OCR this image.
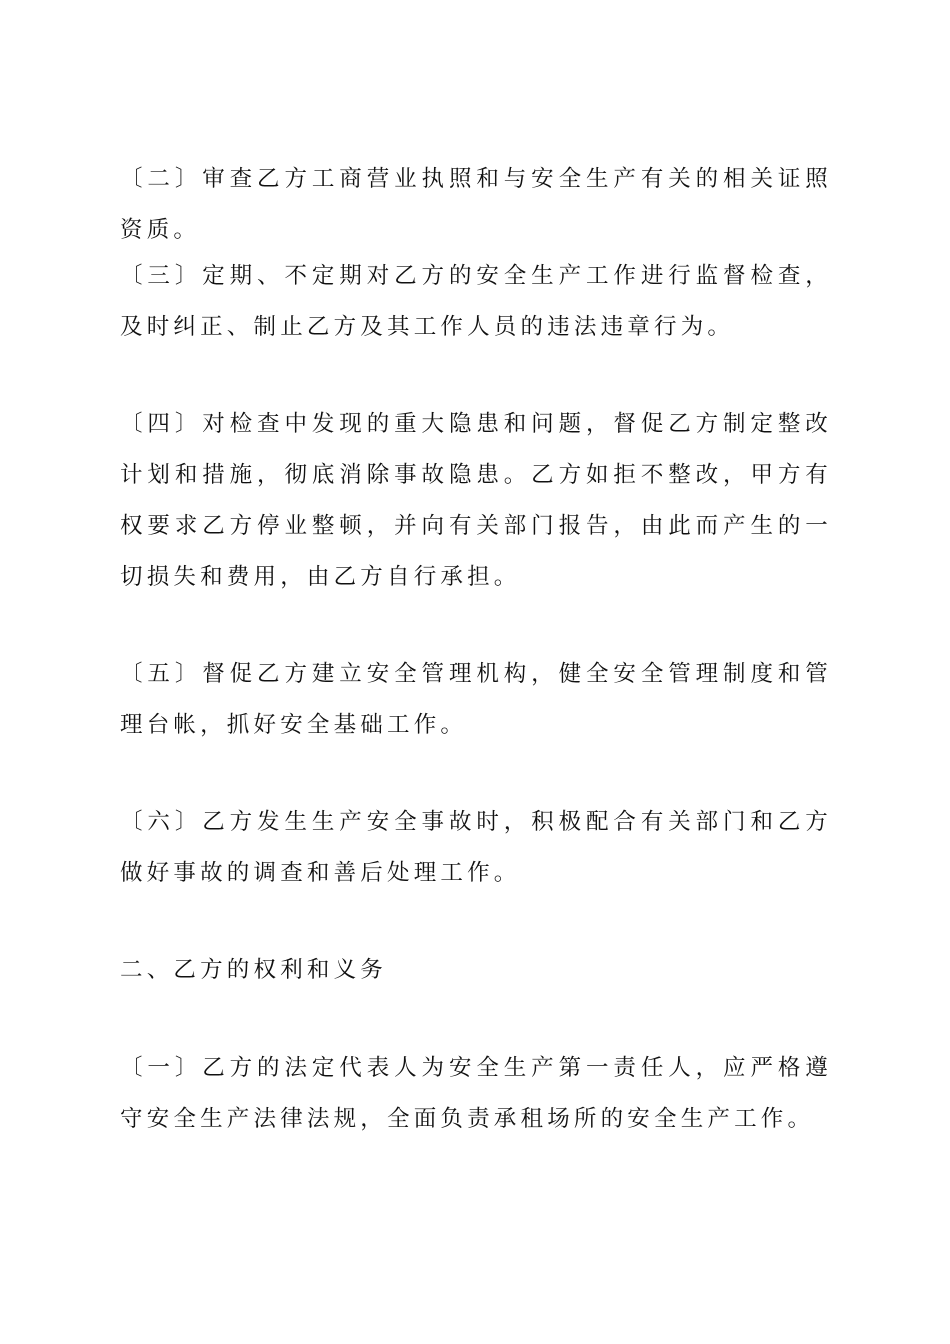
〔二〕审查乙方工商营业执照和与安全生产有关的相关证照资质。

〔三〕定期、不定期对乙方的安全生产工作进行监督检查，及时纠正、制止乙方及其工作人员的违法违章行为。

〔四〕对检查中发现的重大隐患和问题，督促乙方制定整改计划和措施，彻底消除事故隐患。乙方如拒不整改，甲方有权要求乙方停业整顿，并向有关部门报告，由此而产生的一切损失和费用，由乙方自行承担。

〔五〕督促乙方建立安全管理机构，健全安全管理制度和管理台帐，抓好安全基础工作。

〔六〕乙方发生生产安全事故时，积极配合有关部门和乙方做好事故的调查和善后处理工作。

二、乙方的权利和义务

〔一〕乙方的法定代表人为安全生产第一责任人，应严格遵守安全生产法律法规，全面负责承租场所的安全生产工作。
